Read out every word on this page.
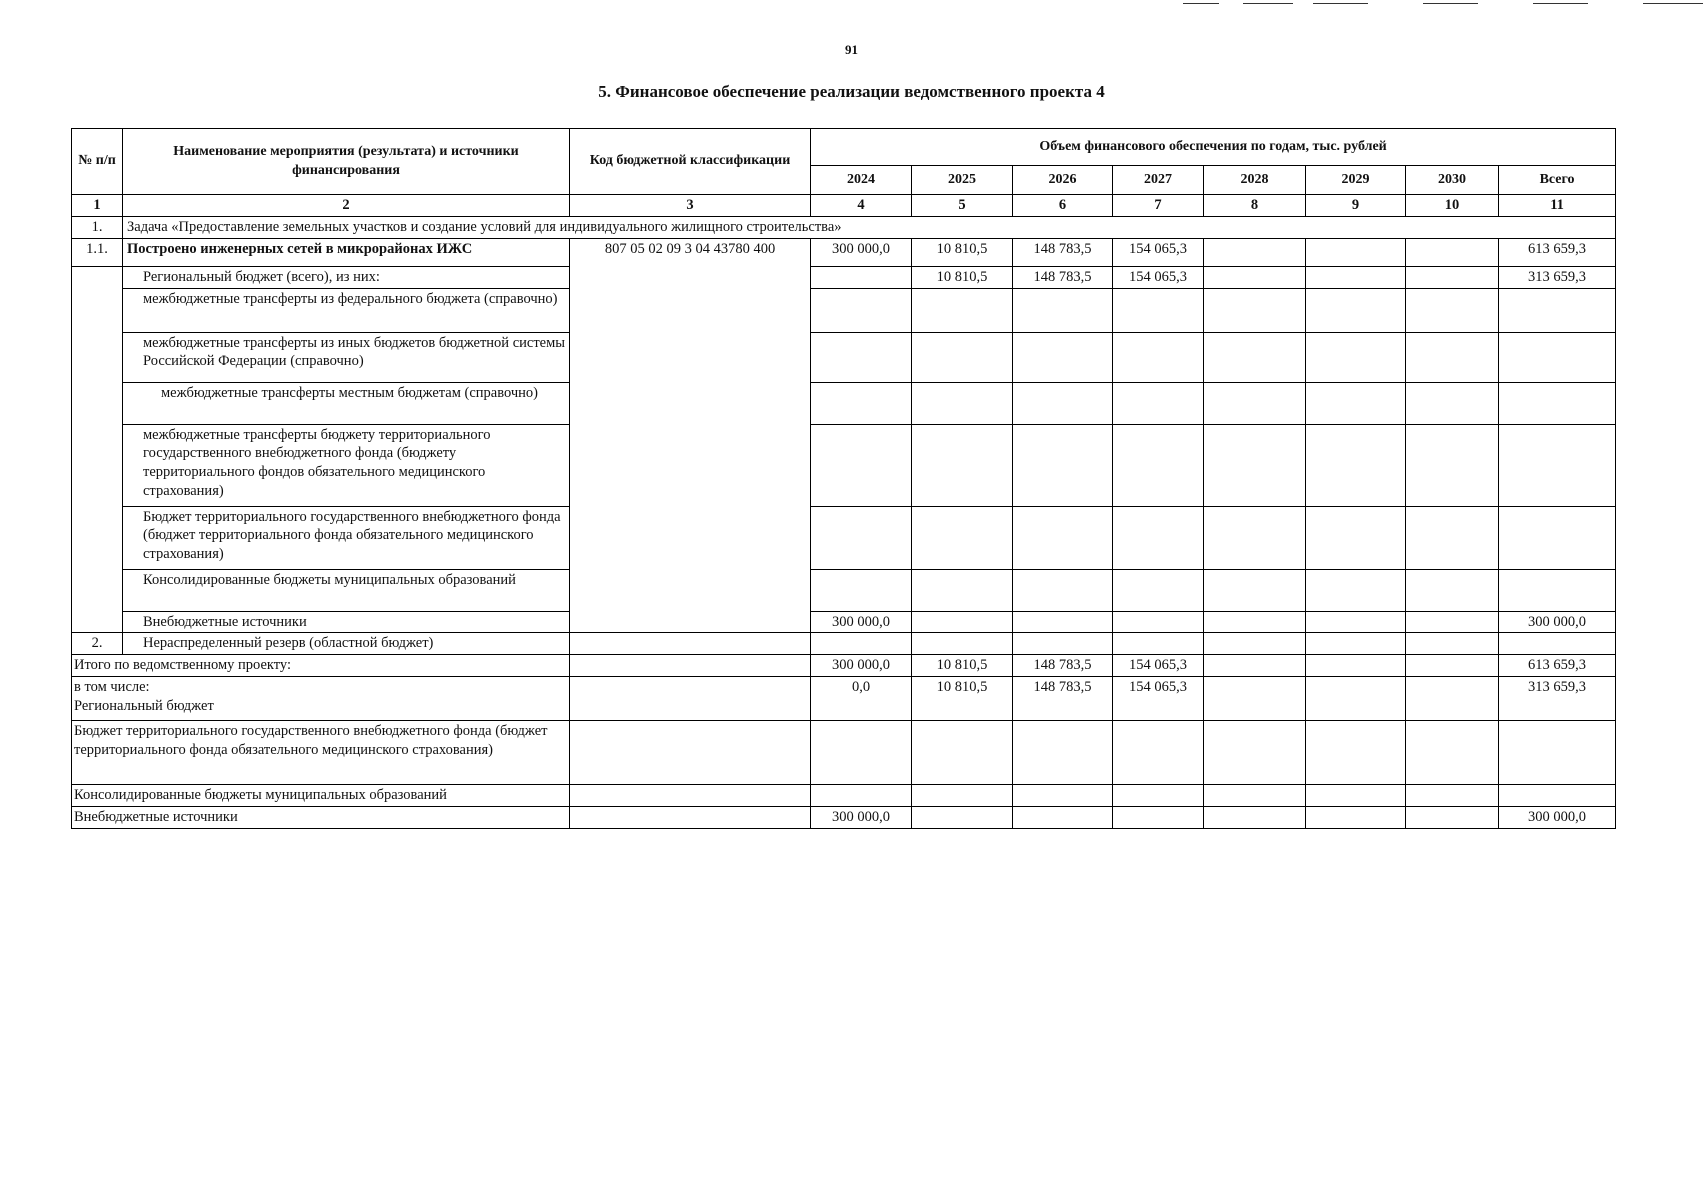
91
5. Финансовое обеспечение реализации ведомственного проекта 4
№ п/п	Наименование мероприятия (результата) и источники финансирования	Код бюджетной классификации	Объем финансового обеспечения по годам, тыс. рублей							
			2024	2025	2026	2027	2028	2029	2030	Всего
1	2	3	4	5	6	7	8	9	10	11
1.	Задача «Предоставление земельных участков и создание условий для индивидуального жилищного строительства»									
1.1.	Построено инженерных сетей в микрорайонах ИЖС	807 05 02 09 3 04 43780 400	300 000,0	10 810,5	148 783,5	154 065,3				613 659,3
	Региональный бюджет (всего), из них:			10 810,5	148 783,5	154 065,3				313 659,3
	межбюджетные трансферты из федерального бюджета (справочно)									
	межбюджетные трансферты из иных бюджетов бюджетной системы Российской Федерации (справочно)									
	межбюджетные трансферты местным бюджетам (справочно)									
	межбюджетные трансферты бюджету территориального государственного внебюджетного фонда (бюджету территориального фондов обязательного медицинского страхования)									
	Бюджет территориального государственного внебюджетного фонда (бюджет территориального фонда обязательного медицинского страхования)									
	Консолидированные бюджеты муниципальных образований									
	Внебюджетные источники		300 000,0							300 000,0
2.	Нераспределенный резерв (областной бюджет)									
Итого по ведомственному проекту:			300 000,0	10 810,5	148 783,5	154 065,3				613 659,3

в том числе:
Региональный бюджет			0,0	10 810,5	148 783,5	154 065,3				313 659,3
Бюджет территориального государственного внебюджетного фонда (бюджет территориального фонда обязательного медицинского страхования)										
Консолидированные бюджеты муниципальных образований										
Внебюджетные источники			300 000,0							300 000,0
